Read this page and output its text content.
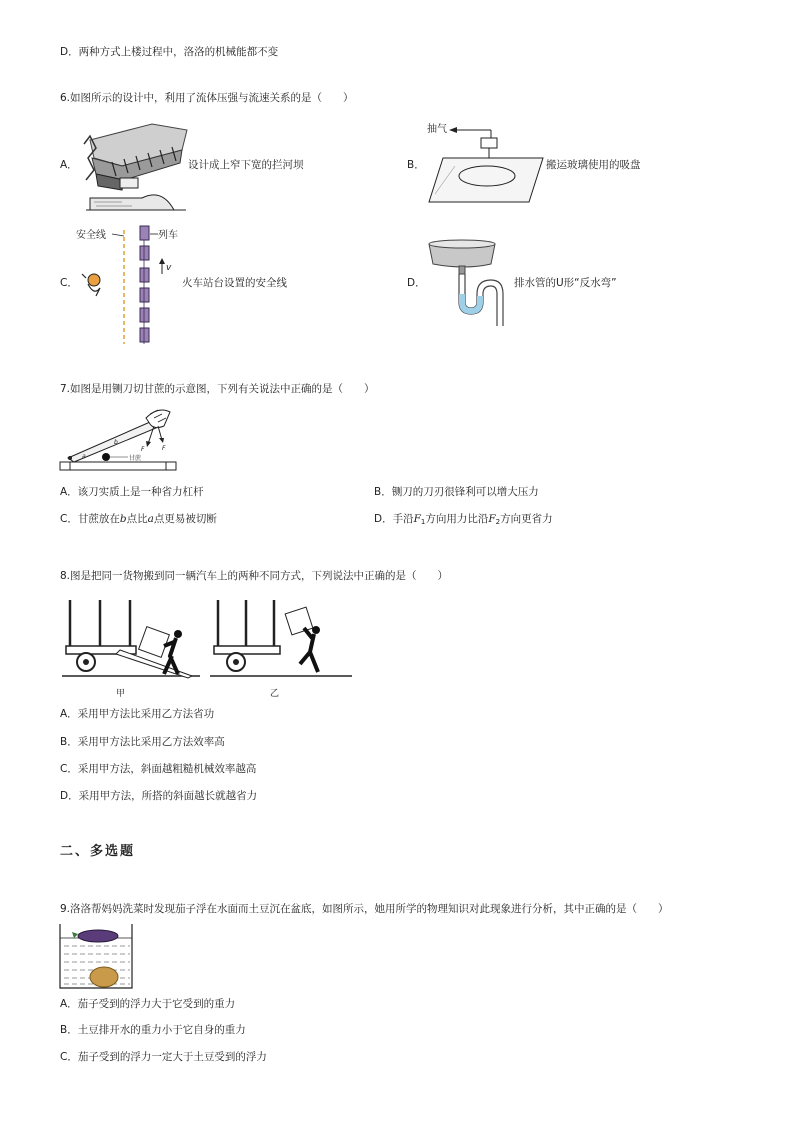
D．两种方式上楼过程中，洛洛的机械能都不变
6.如图所示的设计中，利用了流体压强与流速关系的是（　　）
A．	设计成上窄下宽的拦河坝	B．
抽气
搬运玻璃使用的吸盘
C．
安全线	列车
v
火车站台设置的安全线	D．	排水管的U形“反水弯”
7.如图是用铡刀切甘蔗的示意图，下列有关说法中正确的是（　　）
F	F
甘蔗
a
b
A．该刀实质上是一种省力杠杆	B．铡刀的刀刃很锋利可以增大压力
C．甘蔗放在b点比a点更易被切断	D．手沿$F_1$方向用力比沿$F_2$方向更省力
8.图是把同一货物搬到同一辆汽车上的两种不同方式，下列说法中正确的是（　　）
甲	乙
A．采用甲方法比采用乙方法省功
B．采用甲方法比采用乙方法效率高
C．采用甲方法，斜面越粗糙机械效率越高
D．采用甲方法，所搭的斜面越长就越省力
二、多选题
9.洛洛帮妈妈洗菜时发现茄子浮在水面而土豆沉在盆底，如图所示，她用所学的物理知识对此现象进行分析，其中正确的是（　　）
A．茄子受到的浮力大于它受到的重力
B．土豆排开水的重力小于它自身的重力
C．茄子受到的浮力一定大于土豆受到的浮力
